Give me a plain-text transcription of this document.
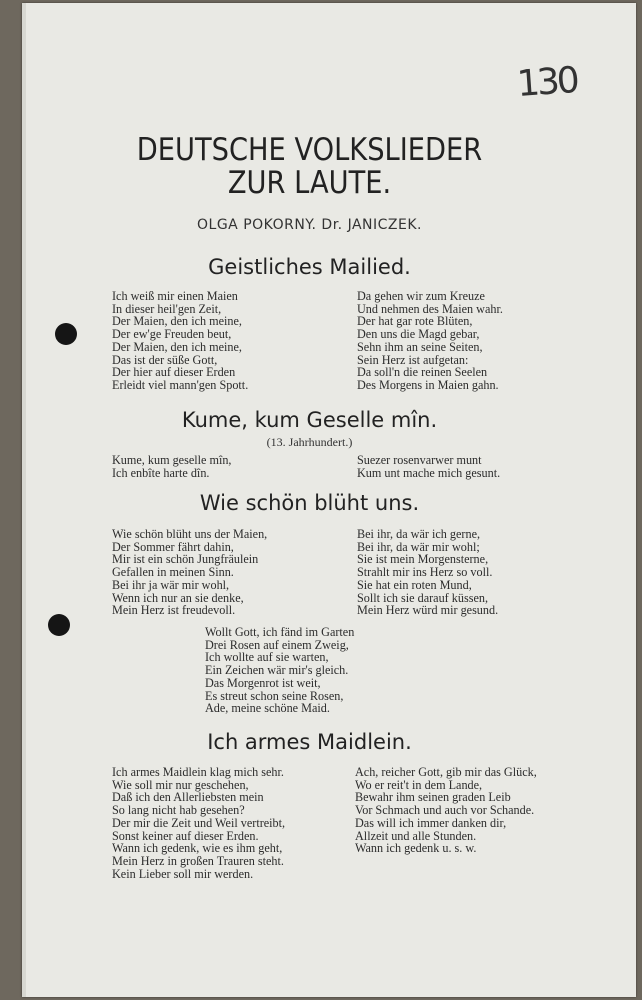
130
DEUTSCHE VOLKSLIEDER
ZUR LAUTE.
OLGA POKORNY. Dr. JANICZEK.
Geistliches Mailied.
Ich weiß mir einen Maien
In dieser heil'gen Zeit,
Der Maien, den ich meine,
Der ew'ge Freuden beut,
Der Maien, den ich meine,
Das ist der süße Gott,
Der hier auf dieser Erden
Erleidt viel mann'gen Spott.
Da gehen wir zum Kreuze
Und nehmen des Maien wahr.
Der hat gar rote Blüten,
Den uns die Magd gebar,
Sehn ihm an seine Seiten,
Sein Herz ist aufgetan:
Da soll'n die reinen Seelen
Des Morgens in Maien gahn.
Kume, kum Geselle mîn.
(13. Jahrhundert.)
Kume, kum geselle mîn,
Ich enbîte harte dîn.
Suezer rosenvarwer munt
Kum unt mache mich gesunt.
Wie schön blüht uns.
Wie schön blüht uns der Maien,
Der Sommer fährt dahin,
Mir ist ein schön Jungfräulein
Gefallen in meinen Sinn.
Bei ihr ja wär mir wohl,
Wenn ich nur an sie denke,
Mein Herz ist freudevoll.
Bei ihr, da wär ich gerne,
Bei ihr, da wär mir wohl;
Sie ist mein Morgensterne,
Strahlt mir ins Herz so voll.
Sie hat ein roten Mund,
Sollt ich sie darauf küssen,
Mein Herz würd mir gesund.
Wollt Gott, ich fänd im Garten
Drei Rosen auf einem Zweig,
Ich wollte auf sie warten,
Ein Zeichen wär mir's gleich.
Das Morgenrot ist weit,
Es streut schon seine Rosen,
Ade, meine schöne Maid.
Ich armes Maidlein.
Ich armes Maidlein klag mich sehr.
Wie soll mir nur geschehen,
Daß ich den Allerliebsten mein
So lang nicht hab gesehen?
Der mir die Zeit und Weil vertreibt,
Sonst keiner auf dieser Erden.
Wann ich gedenk, wie es ihm geht,
Mein Herz in großen Trauren steht.
Kein Lieber soll mir werden.
Ach, reicher Gott, gib mir das Glück,
Wo er reit't in dem Lande,
Bewahr ihm seinen graden Leib
Vor Schmach und auch vor Schande.
Das will ich immer danken dir,
Allzeit und alle Stunden.
Wann ich gedenk u. s. w.
